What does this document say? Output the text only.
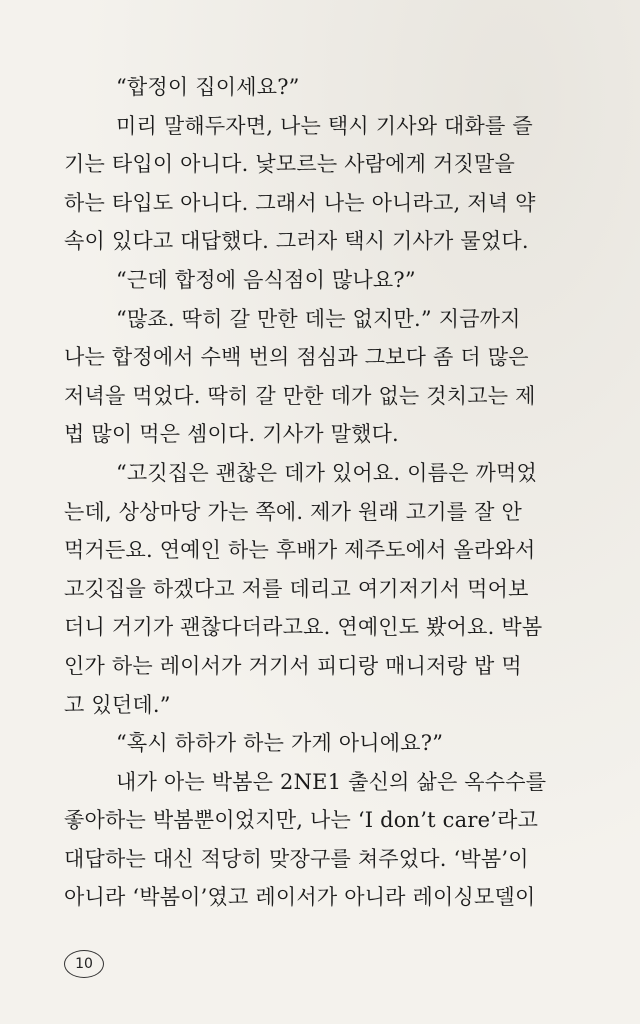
“합정이 집이세요?”
미리 말해두자면, 나는 택시 기사와 대화를 즐
기는 타입이 아니다. 낯모르는 사람에게 거짓말을
하는 타입도 아니다. 그래서 나는 아니라고, 저녁 약
속이 있다고 대답했다. 그러자 택시 기사가 물었다.
“근데 합정에 음식점이 많나요?”
“많죠. 딱히 갈 만한 데는 없지만.” 지금까지
나는 합정에서 수백 번의 점심과 그보다 좀 더 많은
저녁을 먹었다. 딱히 갈 만한 데가 없는 것치고는 제
법 많이 먹은 셈이다. 기사가 말했다.
“고깃집은 괜찮은 데가 있어요. 이름은 까먹었
는데, 상상마당 가는 쪽에. 제가 원래 고기를 잘 안
먹거든요. 연예인 하는 후배가 제주도에서 올라와서
고깃집을 하겠다고 저를 데리고 여기저기서 먹어보
더니 거기가 괜찮다더라고요. 연예인도 봤어요. 박봄
인가 하는 레이서가 거기서 피디랑 매니저랑 밥 먹
고 있던데.”
“혹시 하하가 하는 가게 아니에요?”
내가 아는 박봄은 2NE1 출신의 삶은 옥수수를
좋아하는 박봄뿐이었지만, 나는 ‘I don’t care’라고
대답하는 대신 적당히 맞장구를 쳐주었다. ‘박봄’이
아니라 ‘박봄이’였고 레이서가 아니라 레이싱모델이
10
